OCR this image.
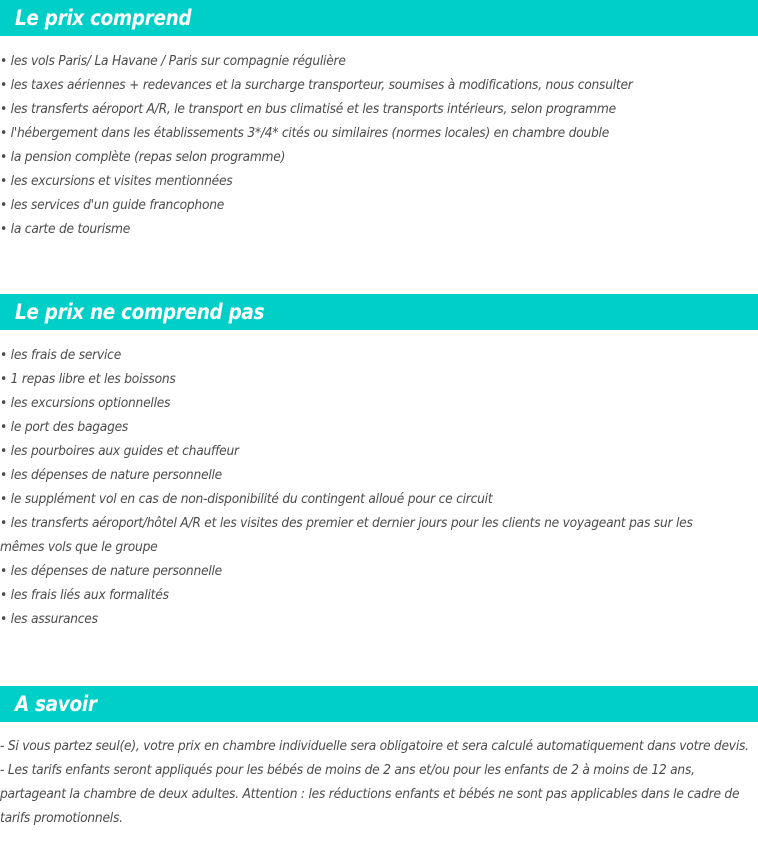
Le prix comprend
• les vols Paris/ La Havane / Paris sur compagnie régulière
• les taxes aériennes + redevances et la surcharge transporteur, soumises à modifications, nous consulter
• les transferts aéroport A/R, le transport en bus climatisé et les transports intérieurs, selon programme
• l'hébergement dans les établissements 3*/4* cités ou similaires (normes locales) en chambre double
• la pension complète (repas selon programme)
• les excursions et visites mentionnées
• les services d'un guide francophone
• la carte de tourisme
Le prix ne comprend pas
• les frais de service
• 1 repas libre et les boissons
• les excursions optionnelles
• le port des bagages
• les pourboires aux guides et chauffeur
• les dépenses de nature personnelle
• le supplément vol en cas de non-disponibilité du contingent alloué pour ce circuit
• les transferts aéroport/hôtel A/R et les visites des premier et dernier jours pour les clients ne voyageant pas sur les mêmes vols que le groupe
• les dépenses de nature personnelle
• les frais liés aux formalités
• les assurances
A savoir

- Si vous partez seul(e), votre prix en chambre individuelle sera obligatoire et sera calculé automatiquement dans votre devis.

- Les tarifs enfants seront appliqués pour les bébés de moins de 2 ans et/ou pour les enfants de 2 à moins de 12 ans, partageant la chambre de deux adultes. Attention : les réductions enfants et bébés ne sont pas applicables dans le cadre de tarifs promotionnels.
